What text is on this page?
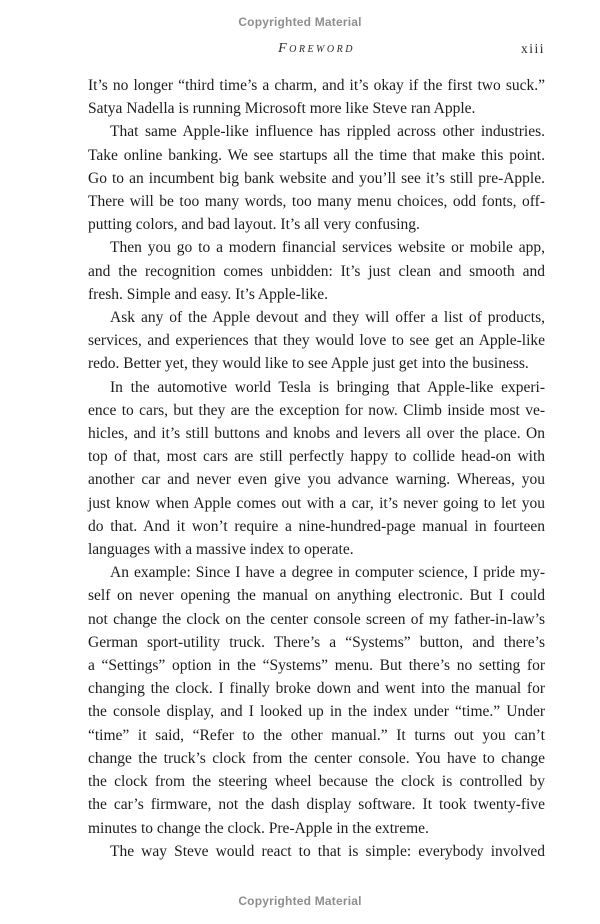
Copyrighted Material
Foreword	xiii
It’s no longer “third time’s a charm, and it’s okay if the first two suck.”
Satya Nadella is running Microsoft more like Steve ran Apple.
That same Apple-like influence has rippled across other industries.
Take online banking. We see startups all the time that make this point.
Go to an incumbent big bank website and you’ll see it’s still pre-Apple.
There will be too many words, too many menu choices, odd fonts, off-
putting colors, and bad layout. It’s all very confusing.
Then you go to a modern financial services website or mobile app,
and the recognition comes unbidden: It’s just clean and smooth and
fresh. Simple and easy. It’s Apple-like.
Ask any of the Apple devout and they will offer a list of products,
services, and experiences that they would love to see get an Apple-like
redo. Better yet, they would like to see Apple just get into the business.
In the automotive world Tesla is bringing that Apple-like experi-
ence to cars, but they are the exception for now. Climb inside most ve-
hicles, and it’s still buttons and knobs and levers all over the place. On
top of that, most cars are still perfectly happy to collide head-on with
another car and never even give you advance warning. Whereas, you
just know when Apple comes out with a car, it’s never going to let you
do that. And it won’t require a nine-hundred-page manual in fourteen
languages with a massive index to operate.
An example: Since I have a degree in computer science, I pride my-
self on never opening the manual on anything electronic. But I could
not change the clock on the center console screen of my father-in-law’s
German sport-utility truck. There’s a “Systems” button, and there’s
a “Settings” option in the “Systems” menu. But there’s no setting for
changing the clock. I finally broke down and went into the manual for
the console display, and I looked up in the index under “time.” Under
“time” it said, “Refer to the other manual.” It turns out you can’t
change the truck’s clock from the center console. You have to change
the clock from the steering wheel because the clock is controlled by
the car’s firmware, not the dash display software. It took twenty-five
minutes to change the clock. Pre-Apple in the extreme.
The way Steve would react to that is simple: everybody involved
Copyrighted Material
